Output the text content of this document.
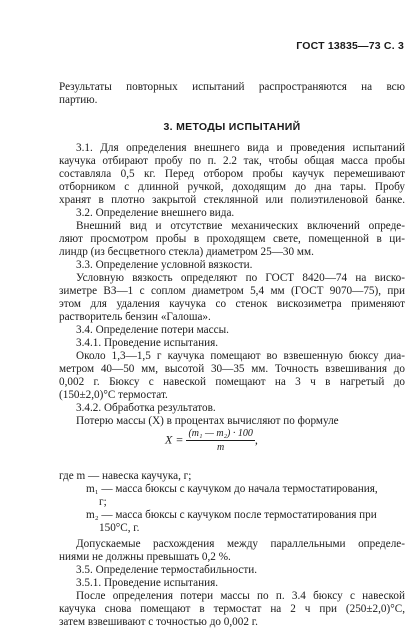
ГОСТ 13835—73 С. 3
Результаты повторных испытаний распространяются на всю
партию.
3. МЕТОДЫ ИСПЫТАНИЙ
3.1. Для определения внешнего вида и проведения испытаний
каучука отбирают пробу по п. 2.2 так, чтобы общая масса пробы
составляла 0,5 кг. Перед отбором пробы каучук перемешивают
отборником с длинной ручкой, доходящим до дна тары. Пробу
хранят в плотно закрытой стеклянной или полиэтиленовой банке.
3.2. Определение внешнего вида.
Внешний вид и отсутствие механических включений опреде-
ляют просмотром пробы в проходящем свете, помещенной в ци-
линдр (из бесцветного стекла) диаметром 25—30 мм.
3.3. Определение условной вязкости.
Условную вязкость определяют по ГОСТ 8420—74 на виско-
зиметре ВЗ—1 с соплом диаметром 5,4 мм (ГОСТ 9070—75), при
этом для удаления каучука со стенок вискозиметра применяют
растворитель бензин «Галоша».
3.4. Определение потери массы.
3.4.1. Проведение испытания.
Около 1,3—1,5 г каучука помещают во взвешенную бюксу диа-
метром 40—50 мм, высотой 30—35 мм. Точность взвешивания до
0,002 г. Бюксу с навеской помещают на 3 ч в нагретый до
(150±2,0)°С термостат.
3.4.2. Обработка результатов.
Потерю массы (X) в процентах вычисляют по формуле
$X = \frac{\text{(m₁ — m₂) · 100}}{m}$ ,
где m — навеска каучука, г;
m₁ — масса бюксы с каучуком до начала термостатирования,
г;
m₂ — масса бюксы с каучуком после термостатирования при
150°С, г.
Допускаемые расхождения между параллельными определе-
ниями не должны превышать 0,2 %.
3.5. Определение термостабильности.
3.5.1. Проведение испытания.
После определения потери массы по п. 3.4 бюксу с навеской
каучука снова помещают в термостат на 2 ч при (250±2,0)°С,
затем взвешивают с точностью до 0,002 г.
